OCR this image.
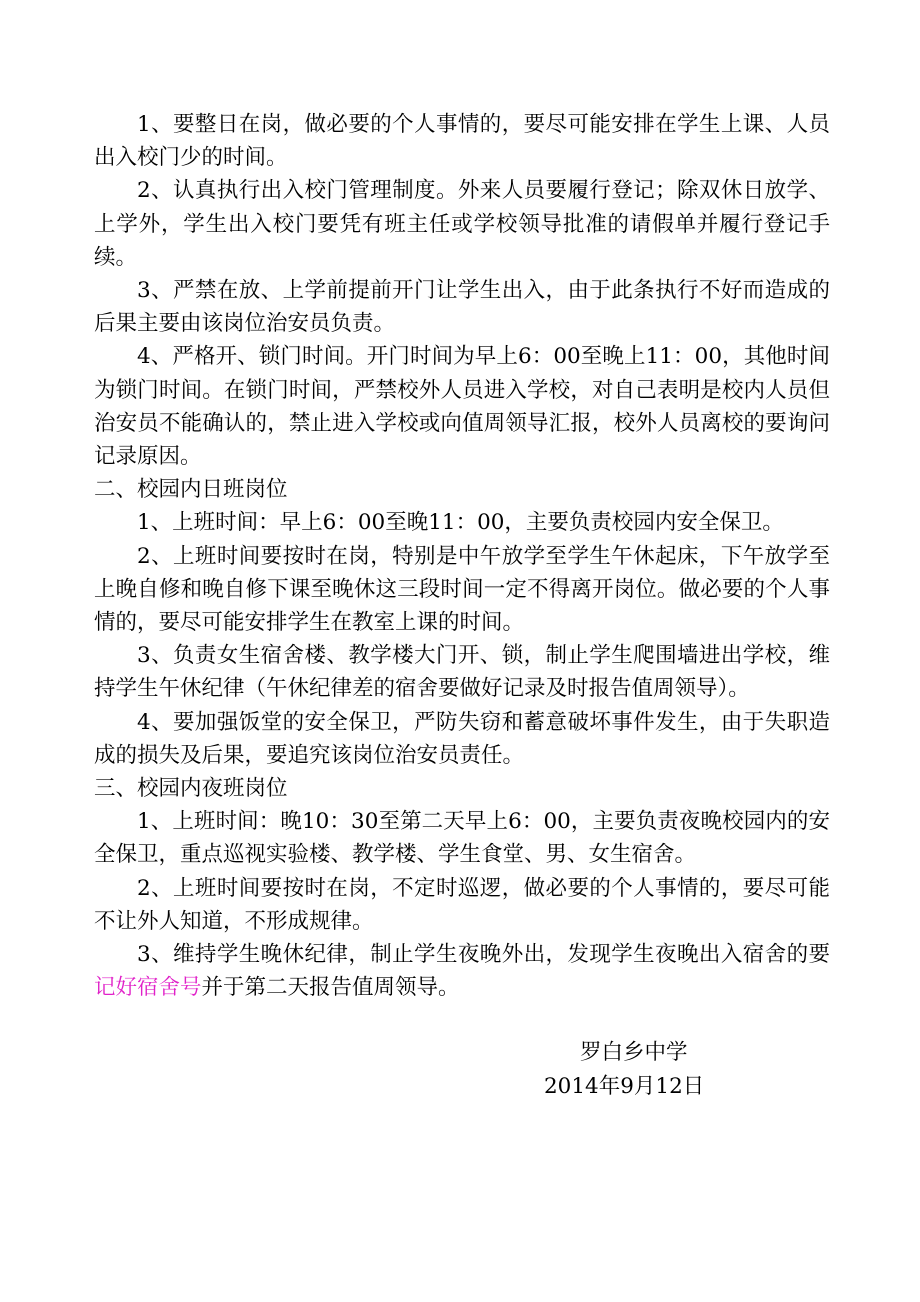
1、要整日在岗，做必要的个人事情的，要尽可能安排在学生上课、人员出入校门少的时间。

2、认真执行出入校门管理制度。外来人员要履行登记；除双休日放学、上学外，学生出入校门要凭有班主任或学校领导批准的请假单并履行登记手续。

3、严禁在放、上学前提前开门让学生出入，由于此条执行不好而造成的后果主要由该岗位治安员负责。

4、严格开、锁门时间。开门时间为早上6：00至晚上11：00，其他时间为锁门时间。在锁门时间，严禁校外人员进入学校，对自己表明是校内人员但治安员不能确认的，禁止进入学校或向值周领导汇报，校外人员离校的要询问记录原因。

二、校园内日班岗位

1、上班时间：早上6：00至晚11：00，主要负责校园内安全保卫。

2、上班时间要按时在岗，特别是中午放学至学生午休起床，下午放学至上晚自修和晚自修下课至晚休这三段时间一定不得离开岗位。做必要的个人事情的，要尽可能安排学生在教室上课的时间。

3、负责女生宿舍楼、教学楼大门开、锁，制止学生爬围墙进出学校，维持学生午休纪律（午休纪律差的宿舍要做好记录及时报告值周领导）。

4、要加强饭堂的安全保卫，严防失窃和蓄意破坏事件发生，由于失职造成的损失及后果，要追究该岗位治安员责任。

三、校园内夜班岗位

1、上班时间：晚10：30至第二天早上6：00，主要负责夜晚校园内的安全保卫，重点巡视实验楼、教学楼、学生食堂、男、女生宿舍。

2、上班时间要按时在岗，不定时巡逻，做必要的个人事情的，要尽可能不让外人知道，不形成规律。

3、维持学生晚休纪律，制止学生夜晚外出，发现学生夜晚出入宿舍的要记好宿舍号并于第二天报告值周领导。

罗白乡中学

2014年9月12日
